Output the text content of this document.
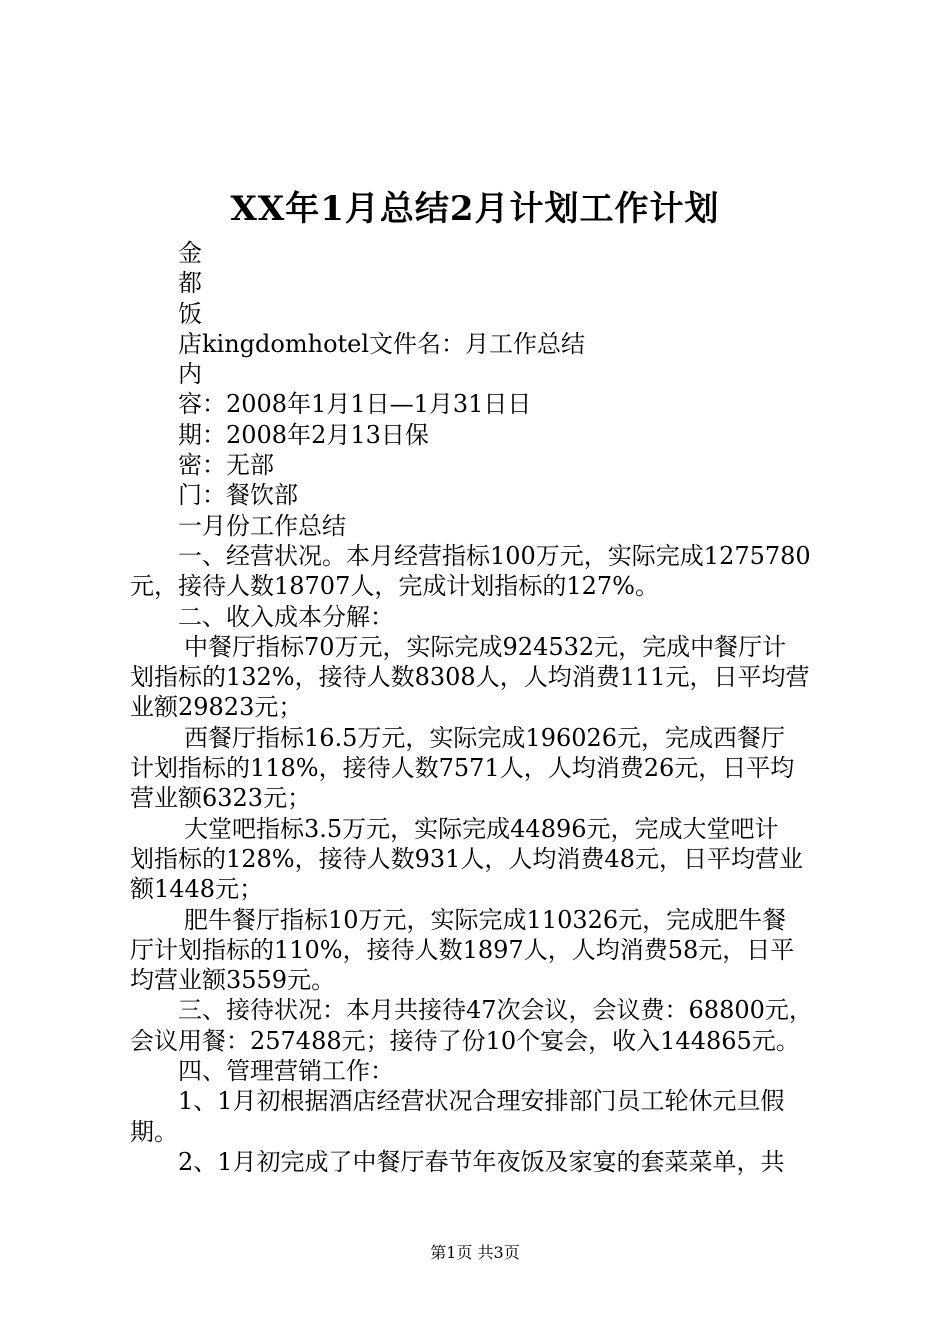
XX年1月总结2月计划工作计划
金
都
饭
店kingdomhotel文件名：月工作总结
内
容：2008年1月1日—1月31日日
期：2008年2月13日保
密：无部
门：餐饮部
一月份工作总结
一、经营状况。本月经营指标100万元，实际完成1275780
元，接待人数18707人，完成计划指标的127%。
二、收入成本分解：
中餐厅指标70万元，实际完成924532元，完成中餐厅计
划指标的132%，接待人数8308人，人均消费111元，日平均营
业额29823元；
西餐厅指标16.5万元，实际完成196026元，完成西餐厅
计划指标的118%，接待人数7571人，人均消费26元，日平均
营业额6323元；
大堂吧指标3.5万元，实际完成44896元，完成大堂吧计
划指标的128%，接待人数931人，人均消费48元，日平均营业
额1448元；
肥牛餐厅指标10万元，实际完成110326元，完成肥牛餐
厅计划指标的110%，接待人数1897人，人均消费58元，日平
均营业额3559元。
三、接待状况：本月共接待47次会议，会议费：68800元，
会议用餐：257488元；接待了份10个宴会，收入144865元。
四、管理营销工作：
1、1月初根据酒店经营状况合理安排部门员工轮休元旦假
期。
2、1月初完成了中餐厅春节年夜饭及家宴的套菜菜单，共
第1页 共3页
